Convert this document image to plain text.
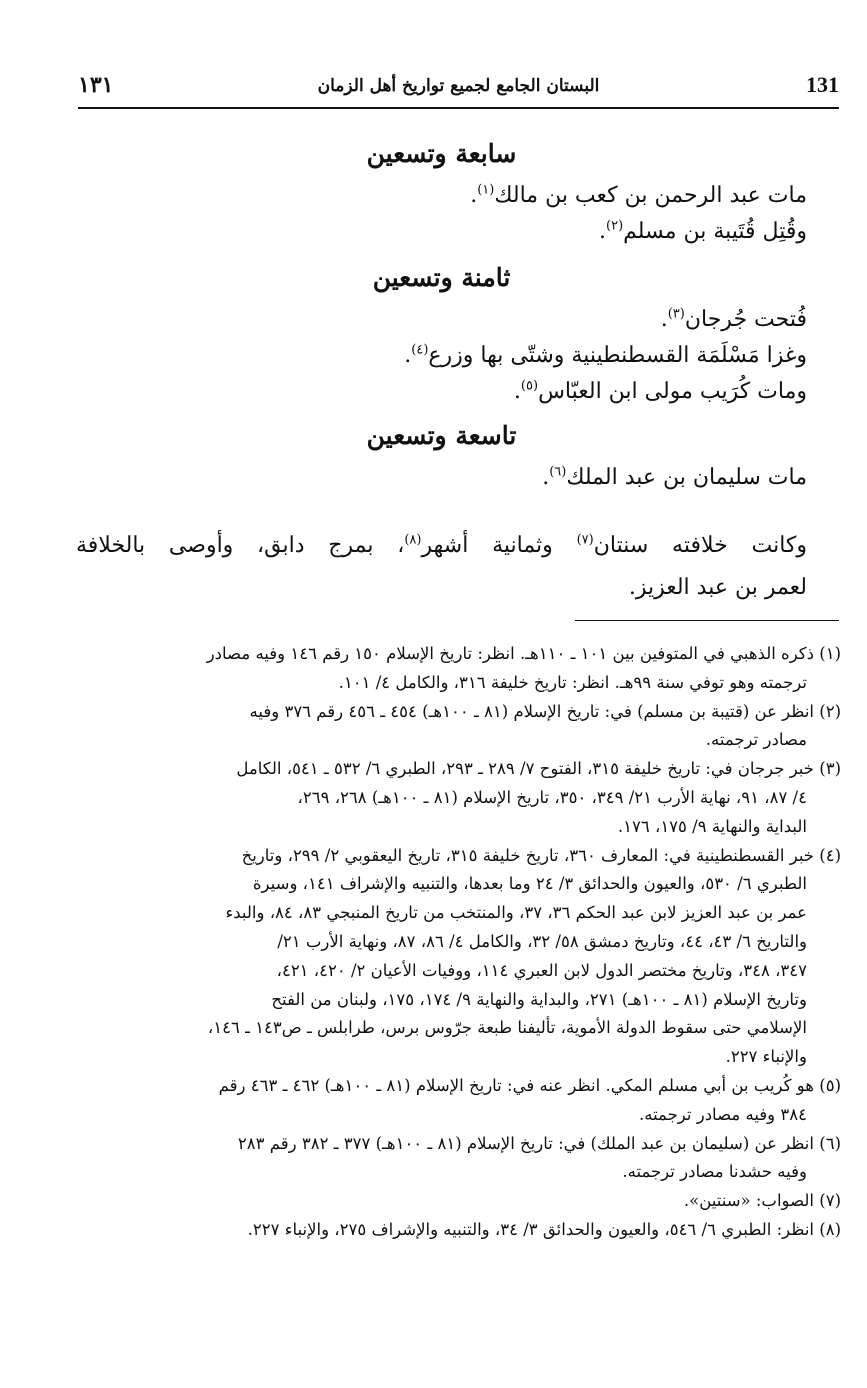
١٣١	البستان الجامع لجميع تواريخ أهل الزمان	131
سابعة وتسعين

مات عبد الرحمن بن كعب بن مالك$^{(١)}$.

وقُتِل قُتَيبة بن مسلم$^{(٢)}$.

ثامنة وتسعين

فُتحت جُرجان$^{(٣)}$.

وغزا مَسْلَمَة القسطنطينية وشتّى بها وزرع$^{(٤)}$.

ومات كُرَيب مولى ابن العبّاس$^{(٥)}$.

تاسعة وتسعين

مات سليمان بن عبد الملك$^{(٦)}$.

وكانت خلافته سنتان$^{(٧)}$ وثمانية أشهر$^{(٨)}$، بمرج دابق، وأوصى بالخلافة

لعمر بن عبد العزيز.

(١) ذكره الذهبي في المتوفين بين ١٠١ ـ ١١٠هـ. انظر: تاريخ الإسلام ١٥٠ رقم ١٤٦ وفيه مصادر
ترجمته وهو توفي سنة ٩٩هـ. انظر: تاريخ خليفة ٣١٦، والكامل ٤/ ١٠١.

(٢) انظر عن (قتيبة بن مسلم) في: تاريخ الإسلام (٨١ ـ ١٠٠هـ) ٤٥٤ ـ ٤٥٦ رقم ٣٧٦ وفيه
مصادر ترجمته.

(٣) خبر جرجان في: تاريخ خليفة ٣١٥، الفتوح ٧/ ٢٨٩ ـ ٢٩٣، الطبري ٦/ ٥٣٢ ـ ٥٤١، الكامل
٤/ ٨٧، ٩١، نهاية الأرب ٢١/ ٣٤٩، ٣٥٠، تاريخ الإسلام (٨١ ـ ١٠٠هـ) ٢٦٨، ٢٦٩،
البداية والنهاية ٩/ ١٧٥، ١٧٦.

(٤) خبر القسطنطينية في: المعارف ٣٦٠، تاريخ خليفة ٣١٥، تاريخ اليعقوبي ٢/ ٢٩٩، وتاريخ
الطبري ٦/ ٥٣٠، والعيون والحدائق ٣/ ٢٤ وما بعدها، والتنبيه والإشراف ١٤١، وسيرة
عمر بن عبد العزيز لابن عبد الحكم ٣٦، ٣٧، والمنتخب من تاريخ المنبجي ٨٣، ٨٤، والبدء
والتاريخ ٦/ ٤٣، ٤٤، وتاريخ دمشق ٥٨/ ٣٢، والكامل ٤/ ٨٦، ٨٧، ونهاية الأرب ٢١/
٣٤٧، ٣٤٨، وتاريخ مختصر الدول لابن العبري ١١٤، ووفيات الأعيان ٢/ ٤٢٠، ٤٢١،
وتاريخ الإسلام (٨١ ـ ١٠٠هـ) ٢٧١، والبداية والنهاية ٩/ ١٧٤، ١٧٥، ولبنان من الفتح
الإسلامي حتى سقوط الدولة الأموية، تأليفنا طبعة جرّوس برس، طرابلس ـ ص١٤٣ ـ ١٤٦،
والإنباء ٢٢٧.

(٥) هو كُريب بن أبي مسلم المكي. انظر عنه في: تاريخ الإسلام (٨١ ـ ١٠٠هـ) ٤٦٢ ـ ٤٦٣ رقم
٣٨٤ وفيه مصادر ترجمته.

(٦) انظر عن (سليمان بن عبد الملك) في: تاريخ الإسلام (٨١ ـ ١٠٠هـ) ٣٧٧ ـ ٣٨٢ رقم ٢٨٣
وفيه حشدنا مصادر ترجمته.

(٧) الصواب: «سنتين».

(٨) انظر: الطبري ٦/ ٥٤٦، والعيون والحدائق ٣/ ٣٤، والتنبيه والإشراف ٢٧٥، والإنباء ٢٢٧.
